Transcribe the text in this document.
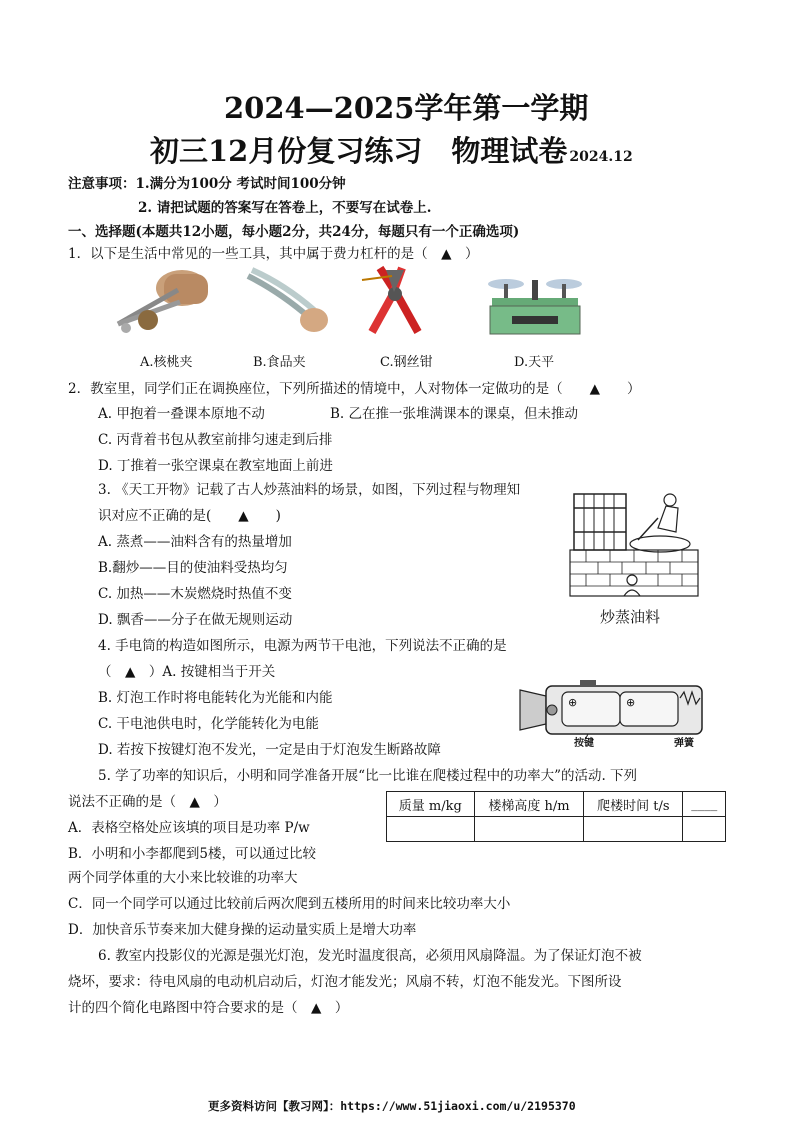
2024—2025学年第一学期
初三12月份复习练习　物理试卷 2024.12
注意事项：1.满分为100分 考试时间100分钟
2. 请把试题的答案写在答卷上，不要写在试卷上.
一、选择题(本题共12小题，每小题2分，共24分，每题只有一个正确选项)
1．以下是生活中常见的一些工具，其中属于费力杠杆的是（　▲　）
A.核桃夹	B.食品夹	C.钢丝钳	D.天平
2．教室里，同学们正在调换座位，下列所描述的情境中，人对物体一定做功的是（　　▲　　）
A. 甲抱着一叠课本原地不动	B. 乙在推一张堆满课本的课桌，但未推动
C. 丙背着书包从教室前排匀速走到后排
D. 丁推着一张空课桌在教室地面上前进
3. 《天工开物》记载了古人炒蒸油料的场景，如图，下列过程与物理知
识对应不正确的是(　　▲　　)
A. 蒸煮——油料含有的热量增加
B.翻炒——目的使油料受热均匀
C. 加热——木炭燃烧时热值不变
D. 飘香——分子在做无规则运动	炒蒸油料
4. 手电筒的构造如图所示，电源为两节干电池，下列说法不正确的是
（　▲　）A. 按键相当于开关
B. 灯泡工作时将电能转化为光能和内能
C. 干电池供电时，化学能转化为电能
D. 若按下按键灯泡不发光，一定是由于灯泡发生断路故障
⊕	⊕
按键	弹簧
5. 学了功率的知识后，小明和同学准备开展“比一比谁在爬楼过程中的功率大”的活动. 下列
说法不正确的是（　▲　）
A．表格空格处应该填的项目是功率 P/w
B．小明和小李都爬到5楼，可以通过比较
两个同学体重的大小来比较谁的功率大
C．同一个同学可以通过比较前后两次爬到五楼所用的时间来比较功率大小
D．加快音乐节奏来加大健身操的运动量实质上是增大功率
质量 m/kg	楼梯高度 h/m	爬楼时间 t/s	____

6. 教室内投影仪的光源是强光灯泡，发光时温度很高，必须用风扇降温。为了保证灯泡不被
烧坏，要求：待电风扇的电动机启动后，灯泡才能发光；风扇不转，灯泡不能发光。下图所设
计的四个简化电路图中符合要求的是（　▲　）
更多资料访问【教习网】：https://www.51jiaoxi.com/u/2195370
